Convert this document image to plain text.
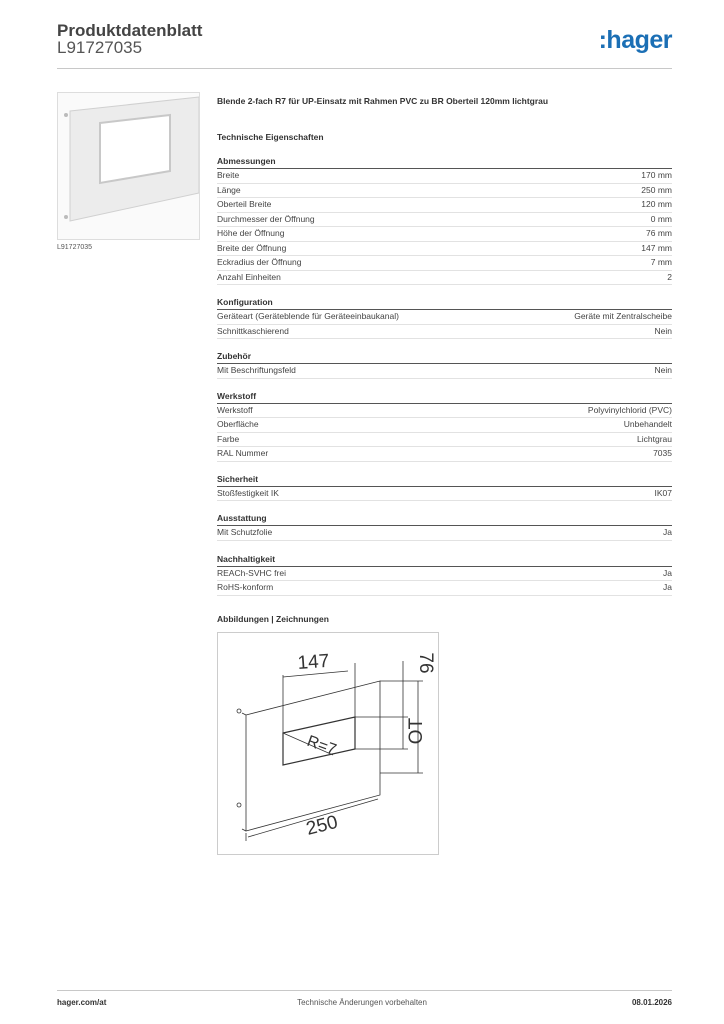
Produktdatenblatt
L91727035	:hager
L91727035
Blende 2-fach R7 für UP-Einsatz mit Rahmen PVC zu BR Oberteil 120mm lichtgrau
Technische Eigenschaften
Abmessungen
Breite	170 mm
Länge	250 mm
Oberteil Breite	120 mm
Durchmesser der Öffnung	0 mm
Höhe der Öffnung	76 mm
Breite der Öffnung	147 mm
Eckradius der Öffnung	7 mm
Anzahl Einheiten	2
Konfiguration
Geräteart (Geräteblende für Geräteeinbaukanal)	Geräte mit Zentralscheibe
Schnittkaschierend	Nein
Zubehör
Mit Beschriftungsfeld	Nein
Werkstoff
Werkstoff	Polyvinylchlorid (PVC)
Oberfläche	Unbehandelt
Farbe	Lichtgrau
RAL Nummer	7035
Sicherheit
Stoßfestigkeit IK	IK07
Ausstattung
Mit Schutzfolie	Ja
Nachhaltigkeit
REACh-SVHC frei	Ja
RoHS-konform	Ja
Abbildungen | Zeichnungen
147	76
OT
R=7
250
hager.com/at	Technische Änderungen vorbehalten	08.01.2026
